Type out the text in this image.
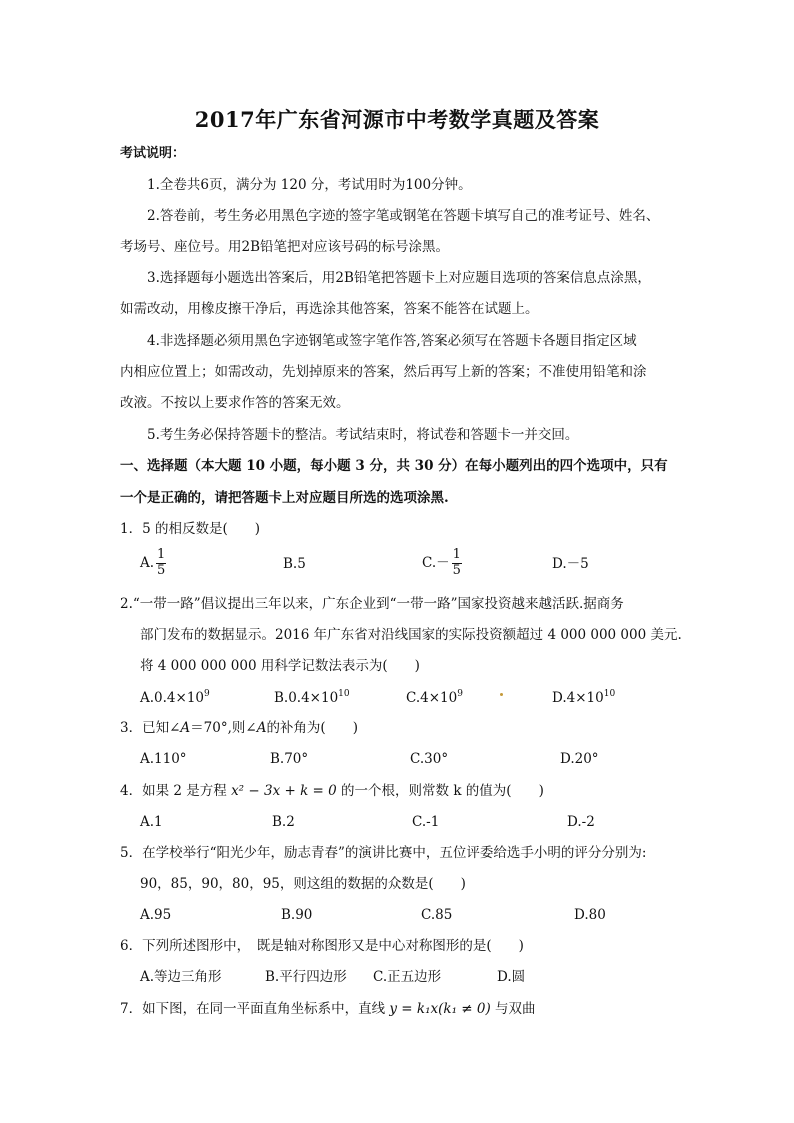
2017年广东省河源市中考数学真题及答案
考试说明：
1.全卷共6页，满分为 120 分，考试用时为100分钟。
2.答卷前，考生务必用黑色字迹的签字笔或钢笔在答题卡填写自己的准考证号、姓名、
考场号、座位号。用2B铅笔把对应该号码的标号涂黑。
3.选择题每小题选出答案后，用2B铅笔把答题卡上对应题目选项的答案信息点涂黑，
如需改动，用橡皮擦干净后，再选涂其他答案，答案不能答在试题上。
4.非选择题必须用黑色字迹钢笔或签字笔作答,答案必须写在答题卡各题目指定区域
内相应位置上；如需改动，先划掉原来的答案，然后再写上新的答案；不准使用铅笔和涂
改液。不按以上要求作答的答案无效。
5.考生务必保持答题卡的整洁。考试结束时，将试卷和答题卡一并交回。
一、选择题（本大题 10 小题，每小题 3 分，共 30 分）在每小题列出的四个选项中，只有
一个是正确的，请把答题卡上对应题目所选的选项涂黑.
1．5 的相反数是(　　)
A. $\frac{1}{5}$	B.5	$C.- \frac{1}{5}$	D.－5
2.“一带一路”倡议提出三年以来，广东企业到“一带一路”国家投资越来越活跃.据商务
部门发布的数据显示。2016 年广东省对沿线国家的实际投资额超过 4 000 000 000 美元.
将 4 000 000 000 用科学记数法表示为(　　)
$A.0.4\times 10^9$	$B.0.4\times 10^{10}$	$C.4\times 10^9$	$D.4\times 10^{10}$
3．已知∠A＝70°,则∠A的补角为(　　)
A.110°	B.70°	C.30°	D.20°
4．如果 2 是方程 x² − 3x + k = 0 的一个根，则常数 k 的值为(　　)
A.1	B.2	C.-1	D.-2
5．在学校举行“阳光少年，励志青春”的演讲比赛中，五位评委给选手小明的评分分别为:
90，85，90，80，95，则这组的数据的众数是(　　)
A.95	B.90	C.85	D.80
6．下列所述图形中，　既是轴对称图形又是中心对称图形的是(　　)
A.等边三角形	B.平行四边形 C.正五边形	D.圆
7．如下图，在同一平面直角坐标系中，直线 y = k₁x(k₁ ≠ 0) 与双曲
